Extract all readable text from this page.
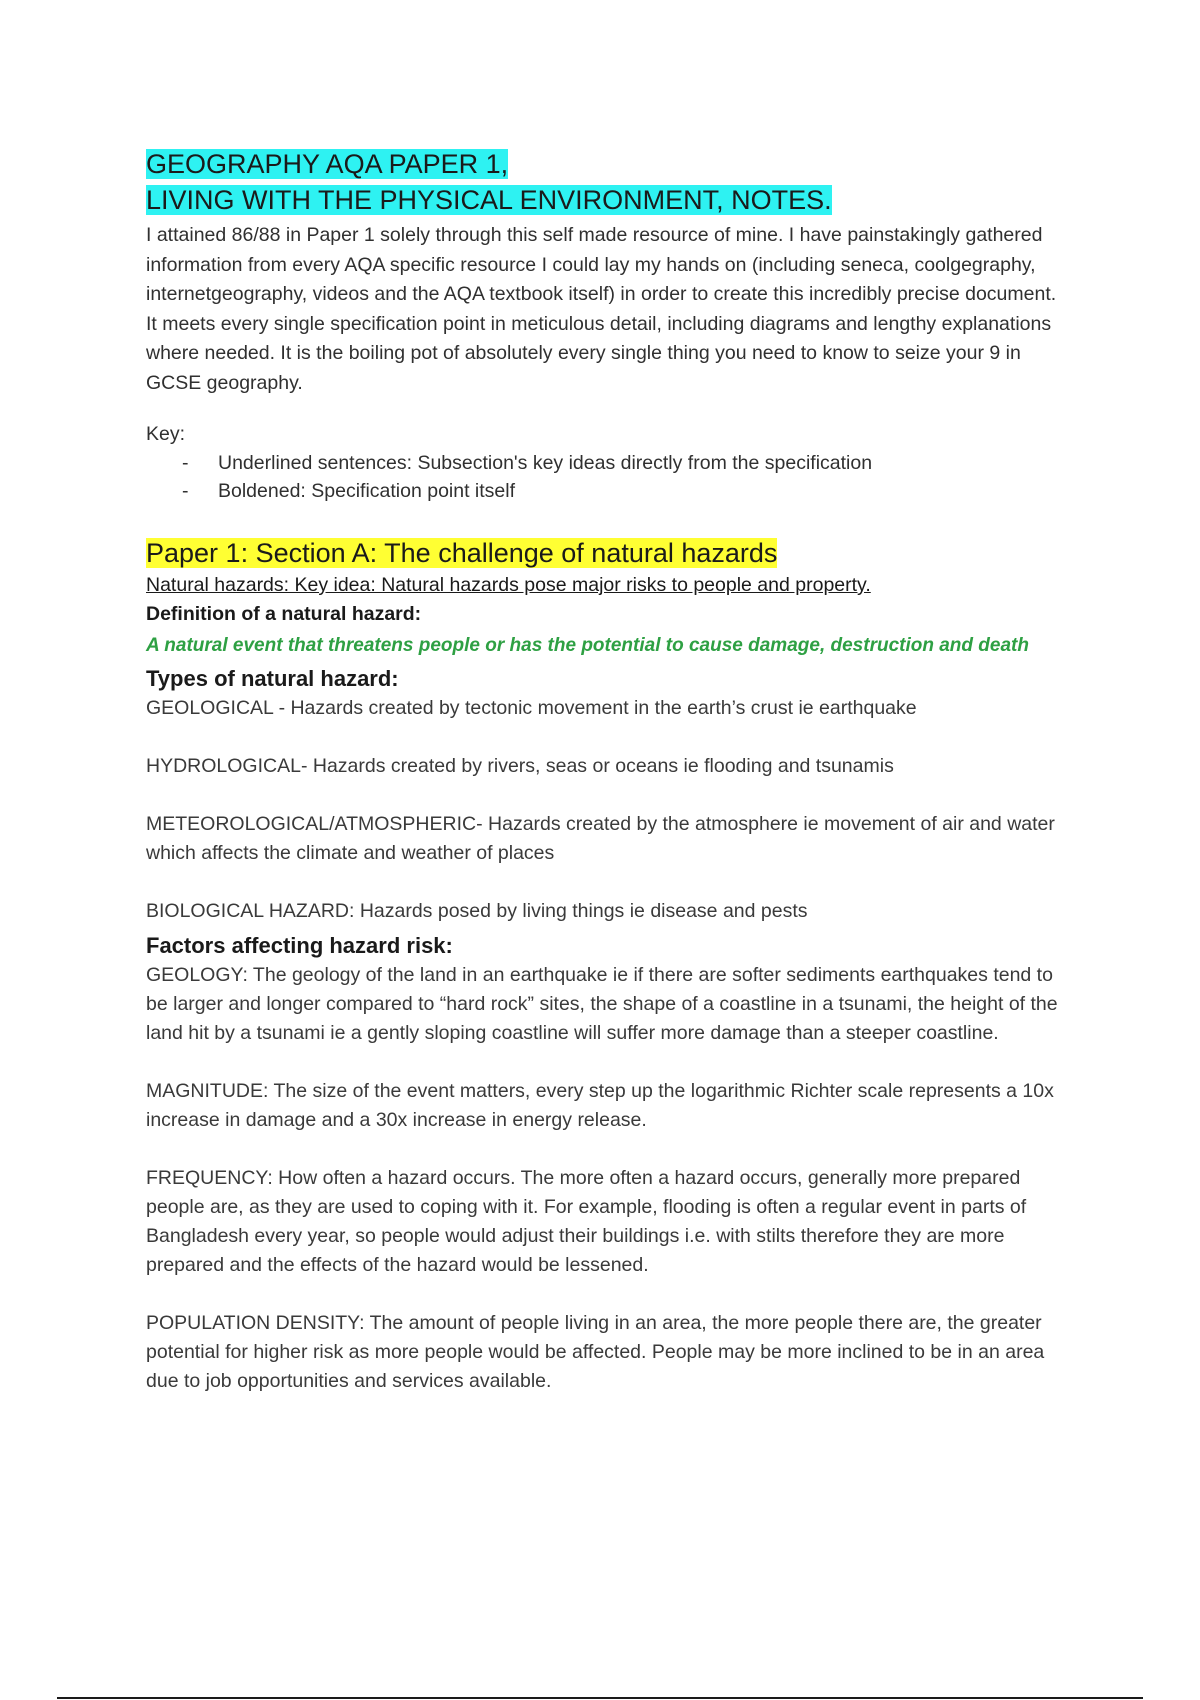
GEOGRAPHY AQA PAPER 1,

LIVING WITH THE PHYSICAL ENVIRONMENT, NOTES.

I attained 86/88 in Paper 1 solely through this self made resource of mine. I have painstakingly gathered information from every AQA specific resource I could lay my hands on (including seneca, coolgegraphy, internetgeography, videos and the AQA textbook itself) in order to create this incredibly precise document. It meets every single specification point in meticulous detail, including diagrams and lengthy explanations where needed. It is the boiling pot of absolutely every single thing you need to know to seize your 9 in GCSE geography.

Key:

- Underlined sentences: Subsection's key ideas directly from the specification
- Boldened: Specification point itself

Paper 1: Section A: The challenge of natural hazards

Natural hazards: Key idea: Natural hazards pose major risks to people and property.

Definition of a natural hazard:

A natural event that threatens people or has the potential to cause damage, destruction and death

Types of natural hazard:

GEOLOGICAL - Hazards created by tectonic movement in the earth’s crust ie earthquake

HYDROLOGICAL- Hazards created by rivers, seas or oceans ie flooding and tsunamis

METEOROLOGICAL/ATMOSPHERIC- Hazards created by the atmosphere ie movement of air and water which affects the climate and weather of places

BIOLOGICAL HAZARD: Hazards posed by living things ie disease and pests

Factors affecting hazard risk:

GEOLOGY: The geology of the land in an earthquake ie if there are softer sediments earthquakes tend to be larger and longer compared to “hard rock” sites, the shape of a coastline in a tsunami, the height of the land hit by a tsunami ie a gently sloping coastline will suffer more damage than a steeper coastline.

MAGNITUDE: The size of the event matters, every step up the logarithmic Richter scale represents a 10x increase in damage and a 30x increase in energy release.

FREQUENCY: How often a hazard occurs. The more often a hazard occurs, generally more prepared people are, as they are used to coping with it. For example, flooding is often a regular event in parts of Bangladesh every year, so people would adjust their buildings i.e. with stilts therefore they are more prepared and the effects of the hazard would be lessened.

POPULATION DENSITY: The amount of people living in an area, the more people there are, the greater potential for higher risk as more people would be affected. People may be more inclined to be in an area due to job opportunities and services available.
